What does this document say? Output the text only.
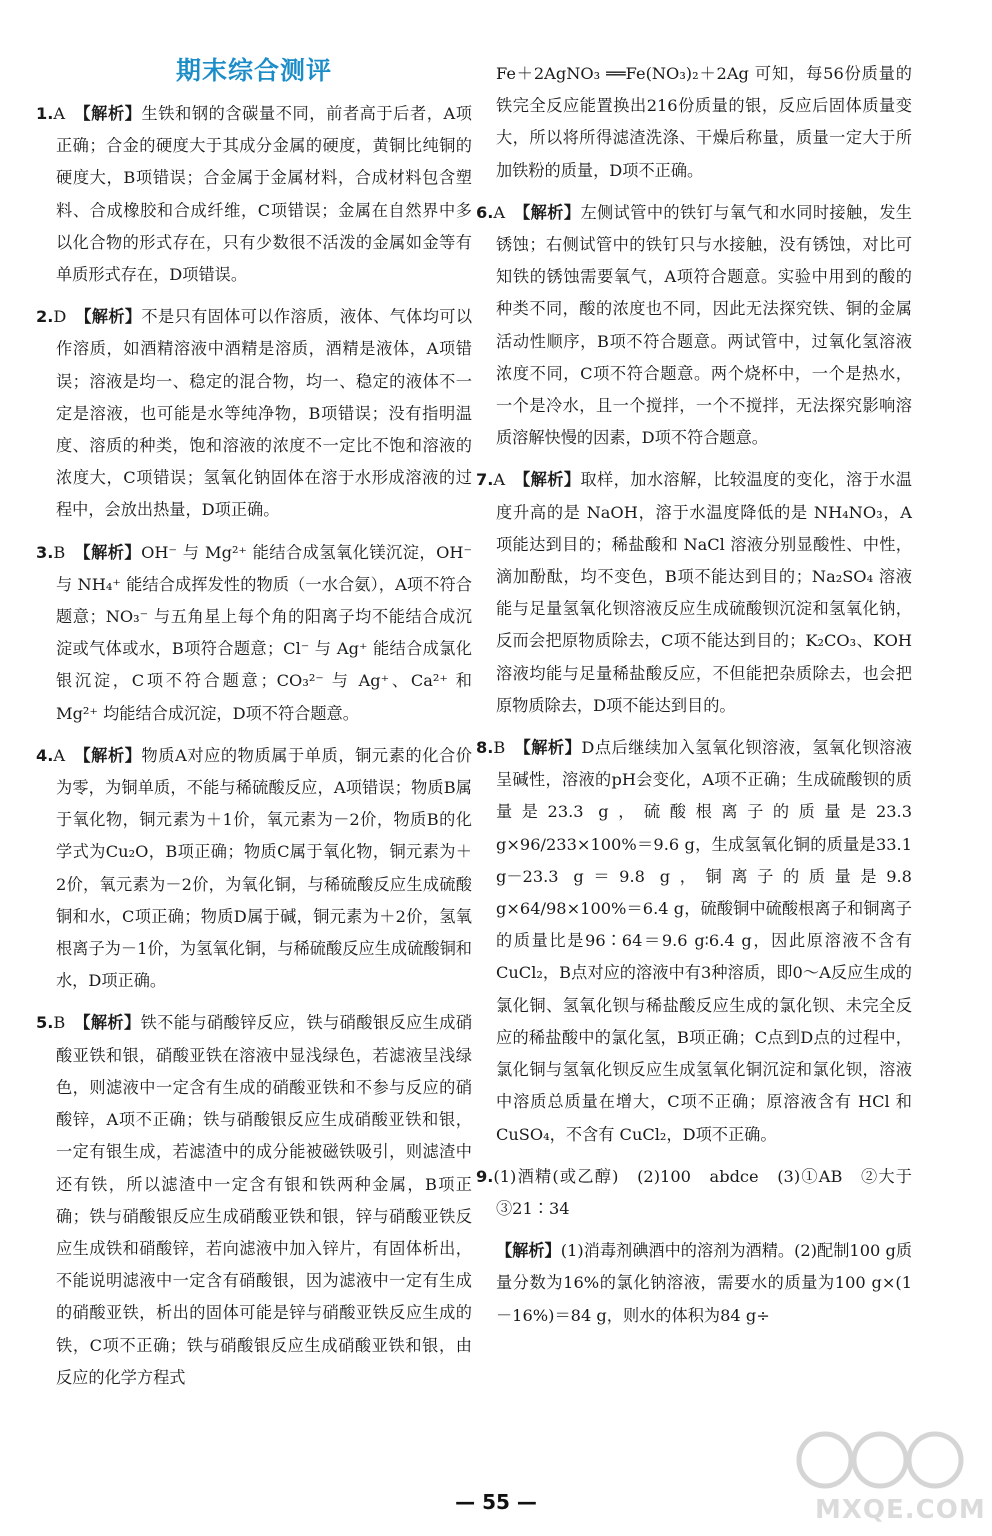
期末综合测评
1.A　 【解析】生铁和钢的含碳量不同，前者高于后者，A项正确；合金的硬度大于其成分金属的硬度，黄铜比纯铜的硬度大，B项错误；合金属于金属材料，合成材料包含塑料、合成橡胶和合成纤维，C项错误；金属在自然界中多以化合物的形式存在，只有少数很不活泼的金属如金等有单质形式存在，D项错误。
2.D　 【解析】不是只有固体可以作溶质，液体、气体均可以作溶质，如酒精溶液中酒精是溶质，酒精是液体，A项错误；溶液是均一、稳定的混合物，均一、稳定的液体不一定是溶液，也可能是水等纯净物，B项错误；没有指明温度、溶质的种类，饱和溶液的浓度不一定比不饱和溶液的浓度大，C项错误；氢氧化钠固体在溶于水形成溶液的过程中，会放出热量，D项正确。
3.B　 【解析】OH⁻ 与 Mg²⁺ 能结合成氢氧化镁沉淀，OH⁻ 与 NH₄⁺ 能结合成挥发性的物质（一水合氨），A项不符合题意；NO₃⁻ 与五角星上每个角的阳离子均不能结合成沉淀或气体或水，B项符合题意；Cl⁻ 与 Ag⁺ 能结合成氯化银沉淀，C项不符合题意；CO₃²⁻ 与 Ag⁺、Ca²⁺ 和 Mg²⁺ 均能结合成沉淀，D项不符合题意。
4.A　 【解析】物质A对应的物质属于单质，铜元素的化合价为零，为铜单质，不能与稀硫酸反应，A项错误；物质B属于氧化物，铜元素为＋1价，氧元素为－2价，物质B的化学式为Cu₂O，B项正确；物质C属于氧化物，铜元素为＋2价，氧元素为－2价，为氧化铜，与稀硫酸反应生成硫酸铜和水，C项正确；物质D属于碱，铜元素为＋2价，氢氧根离子为－1价，为氢氧化铜，与稀硫酸反应生成硫酸铜和水，D项正确。
5.B　 【解析】铁不能与硝酸锌反应，铁与硝酸银反应生成硝酸亚铁和银，硝酸亚铁在溶液中显浅绿色，若滤液呈浅绿色，则滤液中一定含有生成的硝酸亚铁和不参与反应的硝酸锌，A项不正确；铁与硝酸银反应生成硝酸亚铁和银，一定有银生成，若滤渣中的成分能被磁铁吸引，则滤渣中还有铁，所以滤渣中一定含有银和铁两种金属，B项正确；铁与硝酸银反应生成硝酸亚铁和银，锌与硝酸亚铁反应生成铁和硝酸锌，若向滤液中加入锌片，有固体析出，不能说明滤液中一定含有硝酸银，因为滤液中一定有生成的硝酸亚铁，析出的固体可能是锌与硝酸亚铁反应生成的铁，C项不正确；铁与硝酸银反应生成硝酸亚铁和银，由反应的化学方程式
Fe＋2AgNO₃ ══Fe(NO₃)₂＋2Ag 可知，每56份质量的铁完全反应能置换出216份质量的银，反应后固体质量变大，所以将所得滤渣洗涤、干燥后称量，质量一定大于所加铁粉的质量，D项不正确。
6.A　 【解析】左侧试管中的铁钉与氧气和水同时接触，发生锈蚀；右侧试管中的铁钉只与水接触，没有锈蚀，对比可知铁的锈蚀需要氧气，A项符合题意。实验中用到的酸的种类不同，酸的浓度也不同，因此无法探究铁、铜的金属活动性顺序，B项不符合题意。两试管中，过氧化氢溶液浓度不同，C项不符合题意。两个烧杯中，一个是热水，一个是冷水，且一个搅拌，一个不搅拌，无法探究影响溶质溶解快慢的因素，D项不符合题意。
7.A　 【解析】取样，加水溶解，比较温度的变化，溶于水温度升高的是 NaOH，溶于水温度降低的是 NH₄NO₃，A项能达到目的；稀盐酸和 NaCl 溶液分别显酸性、中性，滴加酚酞，均不变色，B项不能达到目的；Na₂SO₄ 溶液能与足量氢氧化钡溶液反应生成硫酸钡沉淀和氢氧化钠，反而会把原物质除去，C项不能达到目的；K₂CO₃、KOH 溶液均能与足量稀盐酸反应，不但能把杂质除去，也会把原物质除去，D项不能达到目的。
8.B　 【解析】D点后继续加入氢氧化钡溶液，氢氧化钡溶液呈碱性，溶液的pH会变化，A项不正确；生成硫酸钡的质量是23.3 g，硫酸根离子的质量是23.3 g×96/233×100%＝9.6 g，生成氢氧化铜的质量是33.1 g－23.3 g＝9.8 g，铜离子的质量是9.8 g×64/98×100%＝6.4 g，硫酸铜中硫酸根离子和铜离子的质量比是96∶64＝9.6 g∶6.4 g，因此原溶液不含有 CuCl₂，B点对应的溶液中有3种溶质，即0～A反应生成的氯化铜、氢氧化钡与稀盐酸反应生成的氯化钡、未完全反应的稀盐酸中的氯化氢，B项正确；C点到D点的过程中，氯化铜与氢氧化钡反应生成氢氧化铜沉淀和氯化钡，溶液中溶质总质量在增大，C项不正确；原溶液含有 HCl 和 CuSO₄，不含有 CuCl₂，D项不正确。
9.(1)酒精(或乙醇)　(2)100　abdce　(3)①AB　②大于　③21∶34
【解析】(1)消毒剂碘酒中的溶剂为酒精。(2)配制100 g质量分数为16%的氯化钠溶液，需要水的质量为100 g×(1－16%)＝84 g，则水的体积为84 g÷
— 55 —	MXQE.COM
